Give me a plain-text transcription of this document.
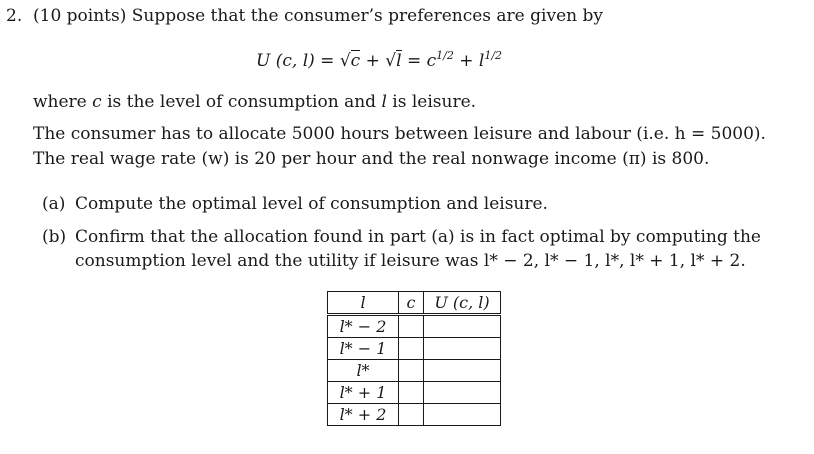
2. (10 points) Suppose that the consumer’s preferences are given by
U (c, $l) = √c + √l = c^{1/2} + l^{1/2}$
where c is the level of consumption and l is leisure.
The consumer has to allocate 5000 hours between leisure and labour (i.e. h = 5000).
The real wage rate (w) is 20 per hour and the real nonwage income (π) is 800.
(a) Compute the optimal level of consumption and leisure.
(b) Confirm that the allocation found in part (a) is in fact optimal by computing the
consumption level and the utility if leisure was l* − 2, l* − 1, l*, l* + 1, l* + 2.
l	c	U (c, l)
l* − 2		
l* − 1		
l*		
l* + 1		
l* + 2		
